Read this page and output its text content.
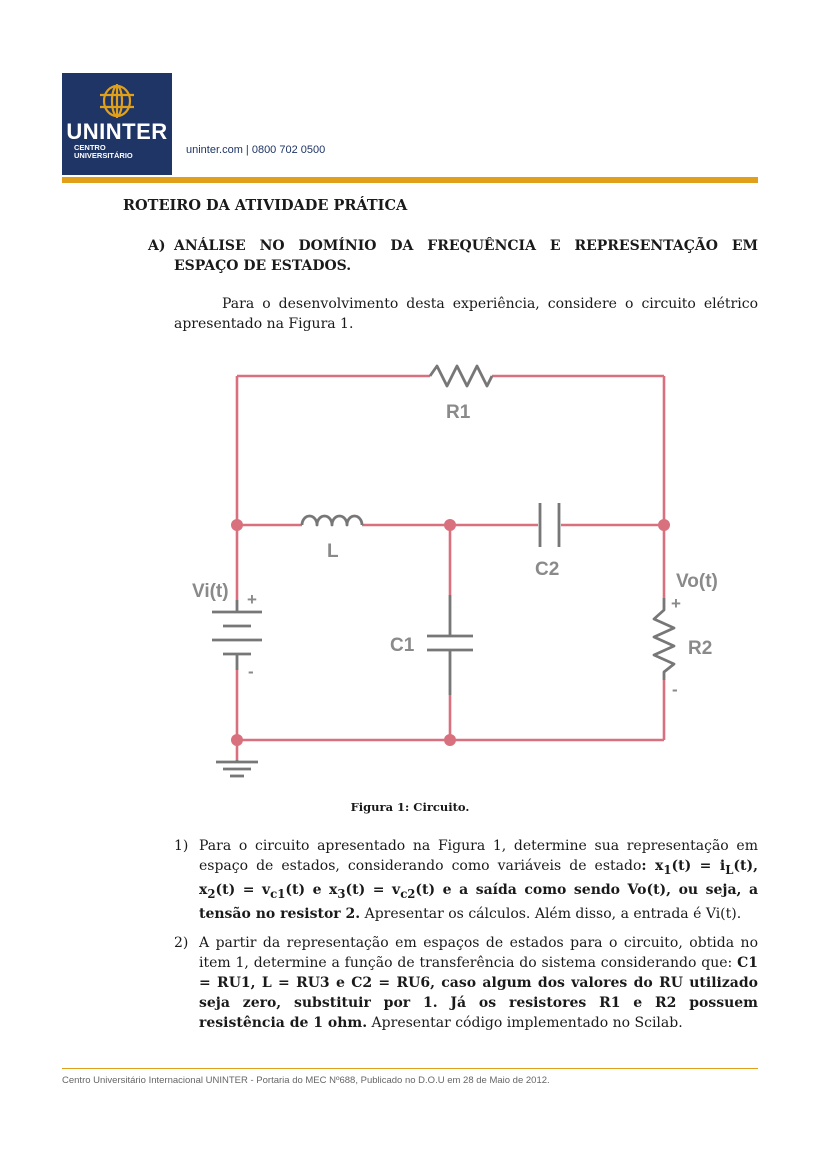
UNINTER
CENTRO
UNIVERSITÁRIO	uninter.com | 0800 702 0500
ROTEIRO DA ATIVIDADE PRÁTICA
A) ANÁLISE NO DOMÍNIO DA FREQUÊNCIA E REPRESENTAÇÃO EM ESPAÇO DE ESTADOS.
Para o desenvolvimento desta experiência, considere o circuito elétrico apresentado na Figura 1.
R1
L
C2
Vi(t) +
-
C1
Vo(t)
+
R2
-
Figura 1: Circuito.
1) Para o circuito apresentado na Figura 1, determine sua representação em espaço de estados, considerando como variáveis de estado: $x_1(t) = i_L(t)$, $x_2(t) = v_{c1}(t)$ e $x_3(t) = v_{c2}(t)$ e a saída como sendo Vo(t), ou seja, a tensão no resistor 2. Apresentar os cálculos. Além disso, a entrada é Vi(t).
2) A partir da representação em espaços de estados para o circuito, obtida no item 1, determine a função de transferência do sistema considerando que: C1 = RU1, L = RU3 e C2 = RU6, caso algum dos valores do RU utilizado seja zero, substituir por 1. Já os resistores R1 e R2 possuem resistência de 1 ohm. Apresentar código implementado no Scilab.
Centro Universitário Internacional UNINTER - Portaria do MEC Nº688, Publicado no D.O.U em 28 de Maio de 2012.
